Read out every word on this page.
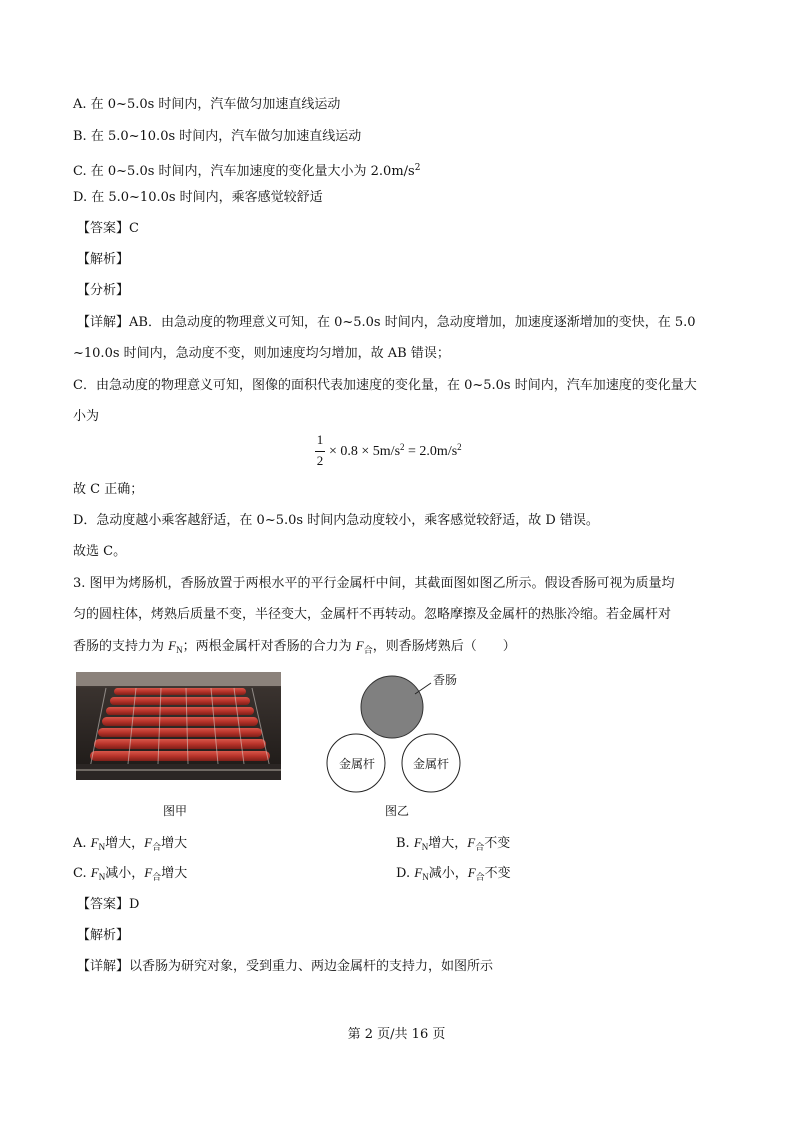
A. 在 0~5.0s 时间内，汽车做匀加速直线运动
B. 在 5.0~10.0s 时间内，汽车做匀加速直线运动
C. 在 0~5.0s 时间内，汽车加速度的变化量大小为 $2.0m/s^2$
D. 在 5.0~10.0s 时间内，乘客感觉较舒适
【答案】C
【解析】
【分析】
【详解】AB．由急动度的物理意义可知，在 0~5.0s 时间内，急动度增加，加速度逐渐增加的变快，在 5.0
~10.0s 时间内，急动度不变，则加速度均匀增加，故 AB 错误；
C．由急动度的物理意义可知，图像的面积代表加速度的变化量，在 0~5.0s 时间内，汽车加速度的变化量大
小为
1
2
× $0.8 \times 5m/s^2 = 2.0m/s^2$
故 C 正确；
D．急动度越小乘客越舒适，在 0~5.0s 时间内急动度较小，乘客感觉较舒适，故 D 错误。
故选 C。
3. 图甲为烤肠机，香肠放置于两根水平的平行金属杆中间，其截面图如图乙所示。假设香肠可视为质量均
匀的圆柱体，烤熟后质量不变，半径变大，金属杆不再转动。忽略摩擦及金属杆的热胀冷缩。若金属杆对
香肠的支持力为 $F_N$；两根金属杆对香肠的合力为 $F_合$，则香肠烤熟后（　　）
图甲
香肠
金属杆	金属杆
图乙
A. $F_N$增大，$F_合$增大	B. $F_N$增大，$F_合$不变
C. $F_N$减小，$F_合$增大	D. $F_N$减小，$F_合$不变
【答案】D
【解析】
【详解】以香肠为研究对象，受到重力、两边金属杆的支持力，如图所示
第 2 页/共 16 页
